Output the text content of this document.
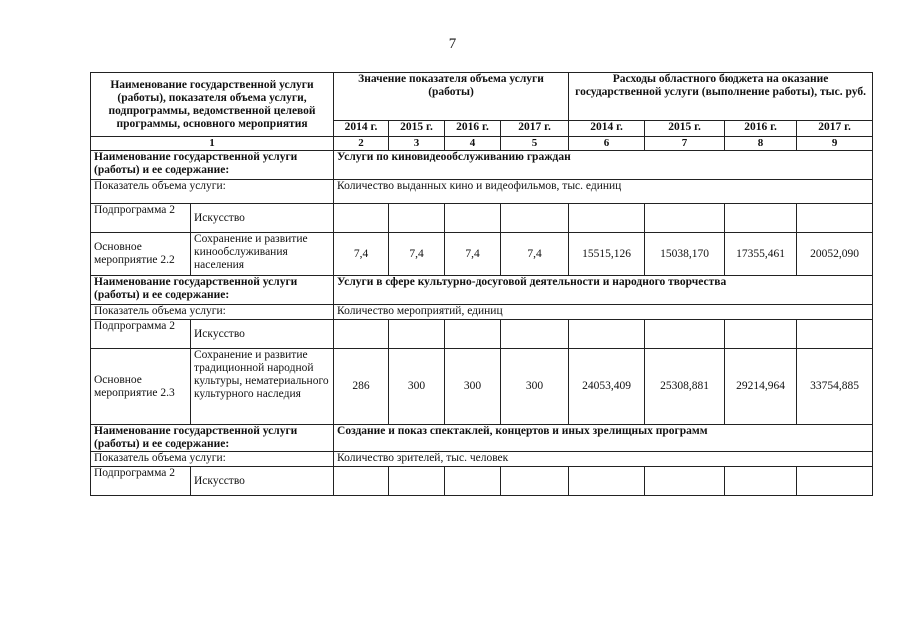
7
Наименование государственной услуги (работы), показателя объема услуги, подпрограммы, ведомственной целевой программы, основного мероприятия		Значение показателя объема услуги (работы)				Расходы областного бюджета на оказание государственной услуги (выполнение работы), тыс. руб.			
		2014 г.	2015 г.	2016 г.	2017 г.	2014 г.	2015 г.	2016 г.	2017 г.
1		2	3	4	5	6	7	8	9
Наименование государственной услуги (работы) и ее содержание:		Услуги по киновидеообслуживанию граждан							
Показатель объема услуги:		Количество выданных кино и видеофильмов, тыс. единиц							
Подпрограмма 2	Искусство								
Основное мероприятие 2.2	Сохранение и развитие кинообслуживания населения	7,4	7,4	7,4	7,4	15515,126	15038,170	17355,461	20052,090
Наименование государственной услуги (работы) и ее содержание:		Услуги в сфере культурно-досуговой деятельности и народного творчества							
Показатель объема услуги:		Количество мероприятий, единиц							
Подпрограмма 2	Искусство								
Основное мероприятие 2.3	Сохранение и развитие традиционной народной культуры, нематериального культурного наследия	286	300	300	300	24053,409	25308,881	29214,964	33754,885
Наименование государственной услуги (работы) и ее содержание:		Создание и показ спектаклей, концертов и иных зрелищных программ							
Показатель объема услуги:		Количество зрителей, тыс. человек							
Подпрограмма 2	Искусство								
